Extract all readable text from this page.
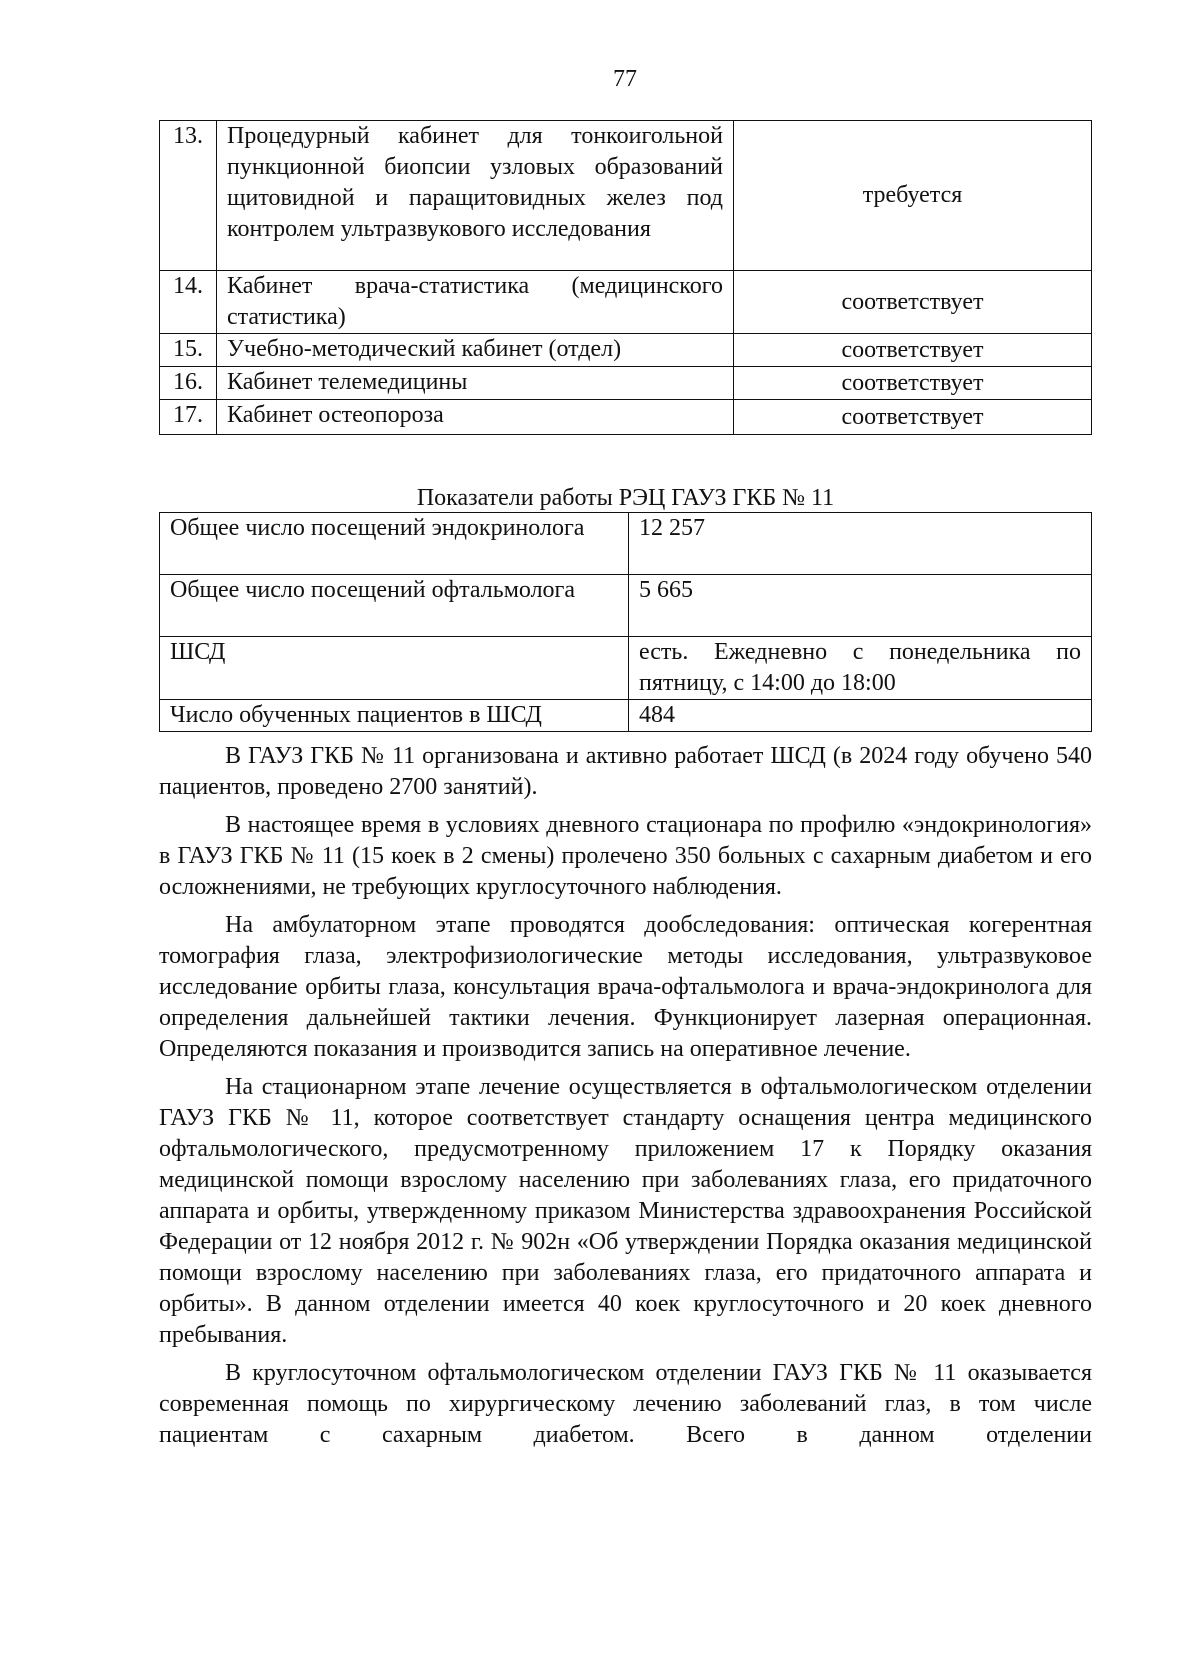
77
13.	Процедурный кабинет для тонкоигольной пункционной биопсии узловых образований щитовидной и паращитовидных желез под контролем ультразвукового исследования	требуется
14.	Кабинет врача-статистика (медицинского статистика)	соответствует
15.	Учебно-методический кабинет (отдел)	соответствует
16.	Кабинет телемедицины	соответствует
17.	Кабинет остеопороза	соответствует
Показатели работы РЭЦ ГАУЗ ГКБ № 11
Общее число посещений эндокринолога	12 257
Общее число посещений офтальмолога	5 665
ШСД	есть. Ежедневно с понедельника по пятницу, с 14:00 до 18:00
Число обученных пациентов в ШСД	484

В ГАУЗ ГКБ № 11 организована и активно работает ШСД (в 2024 году обучено 540 пациентов, проведено 2700 занятий).

В настоящее время в условиях дневного стационара по профилю «эндокринология» в ГАУЗ ГКБ № 11 (15 коек в 2 смены) пролечено 350 больных с сахарным диабетом и его осложнениями, не требующих круглосуточного наблюдения.

На амбулаторном этапе проводятся дообследования: оптическая когерентная томография глаза, электрофизиологические методы исследования, ультразвуковое исследование орбиты глаза, консультация врача-офтальмолога и врача-эндокринолога для определения дальнейшей тактики лечения. Функционирует лазерная операционная. Определяются показания и производится запись на оперативное лечение.

На стационарном этапе лечение осуществляется в офтальмологическом отделении ГАУЗ ГКБ № 11, которое соответствует стандарту оснащения центра медицинского офтальмологического, предусмотренному приложением 17 к Порядку оказания медицинской помощи взрослому населению при заболеваниях глаза, его придаточного аппарата и орбиты, утвержденному приказом Министерства здравоохранения Российской Федерации от 12 ноября 2012 г. № 902н «Об утверждении Порядка оказания медицинской помощи взрослому населению при заболеваниях глаза, его придаточного аппарата и орбиты». В данном отделении имеется 40 коек круглосуточного и 20 коек дневного пребывания.

В круглосуточном офтальмологическом отделении ГАУЗ ГКБ № 11 оказывается современная помощь по хирургическому лечению заболеваний глаз, в том числе пациентам с сахарным диабетом. Всего в данном отделении
